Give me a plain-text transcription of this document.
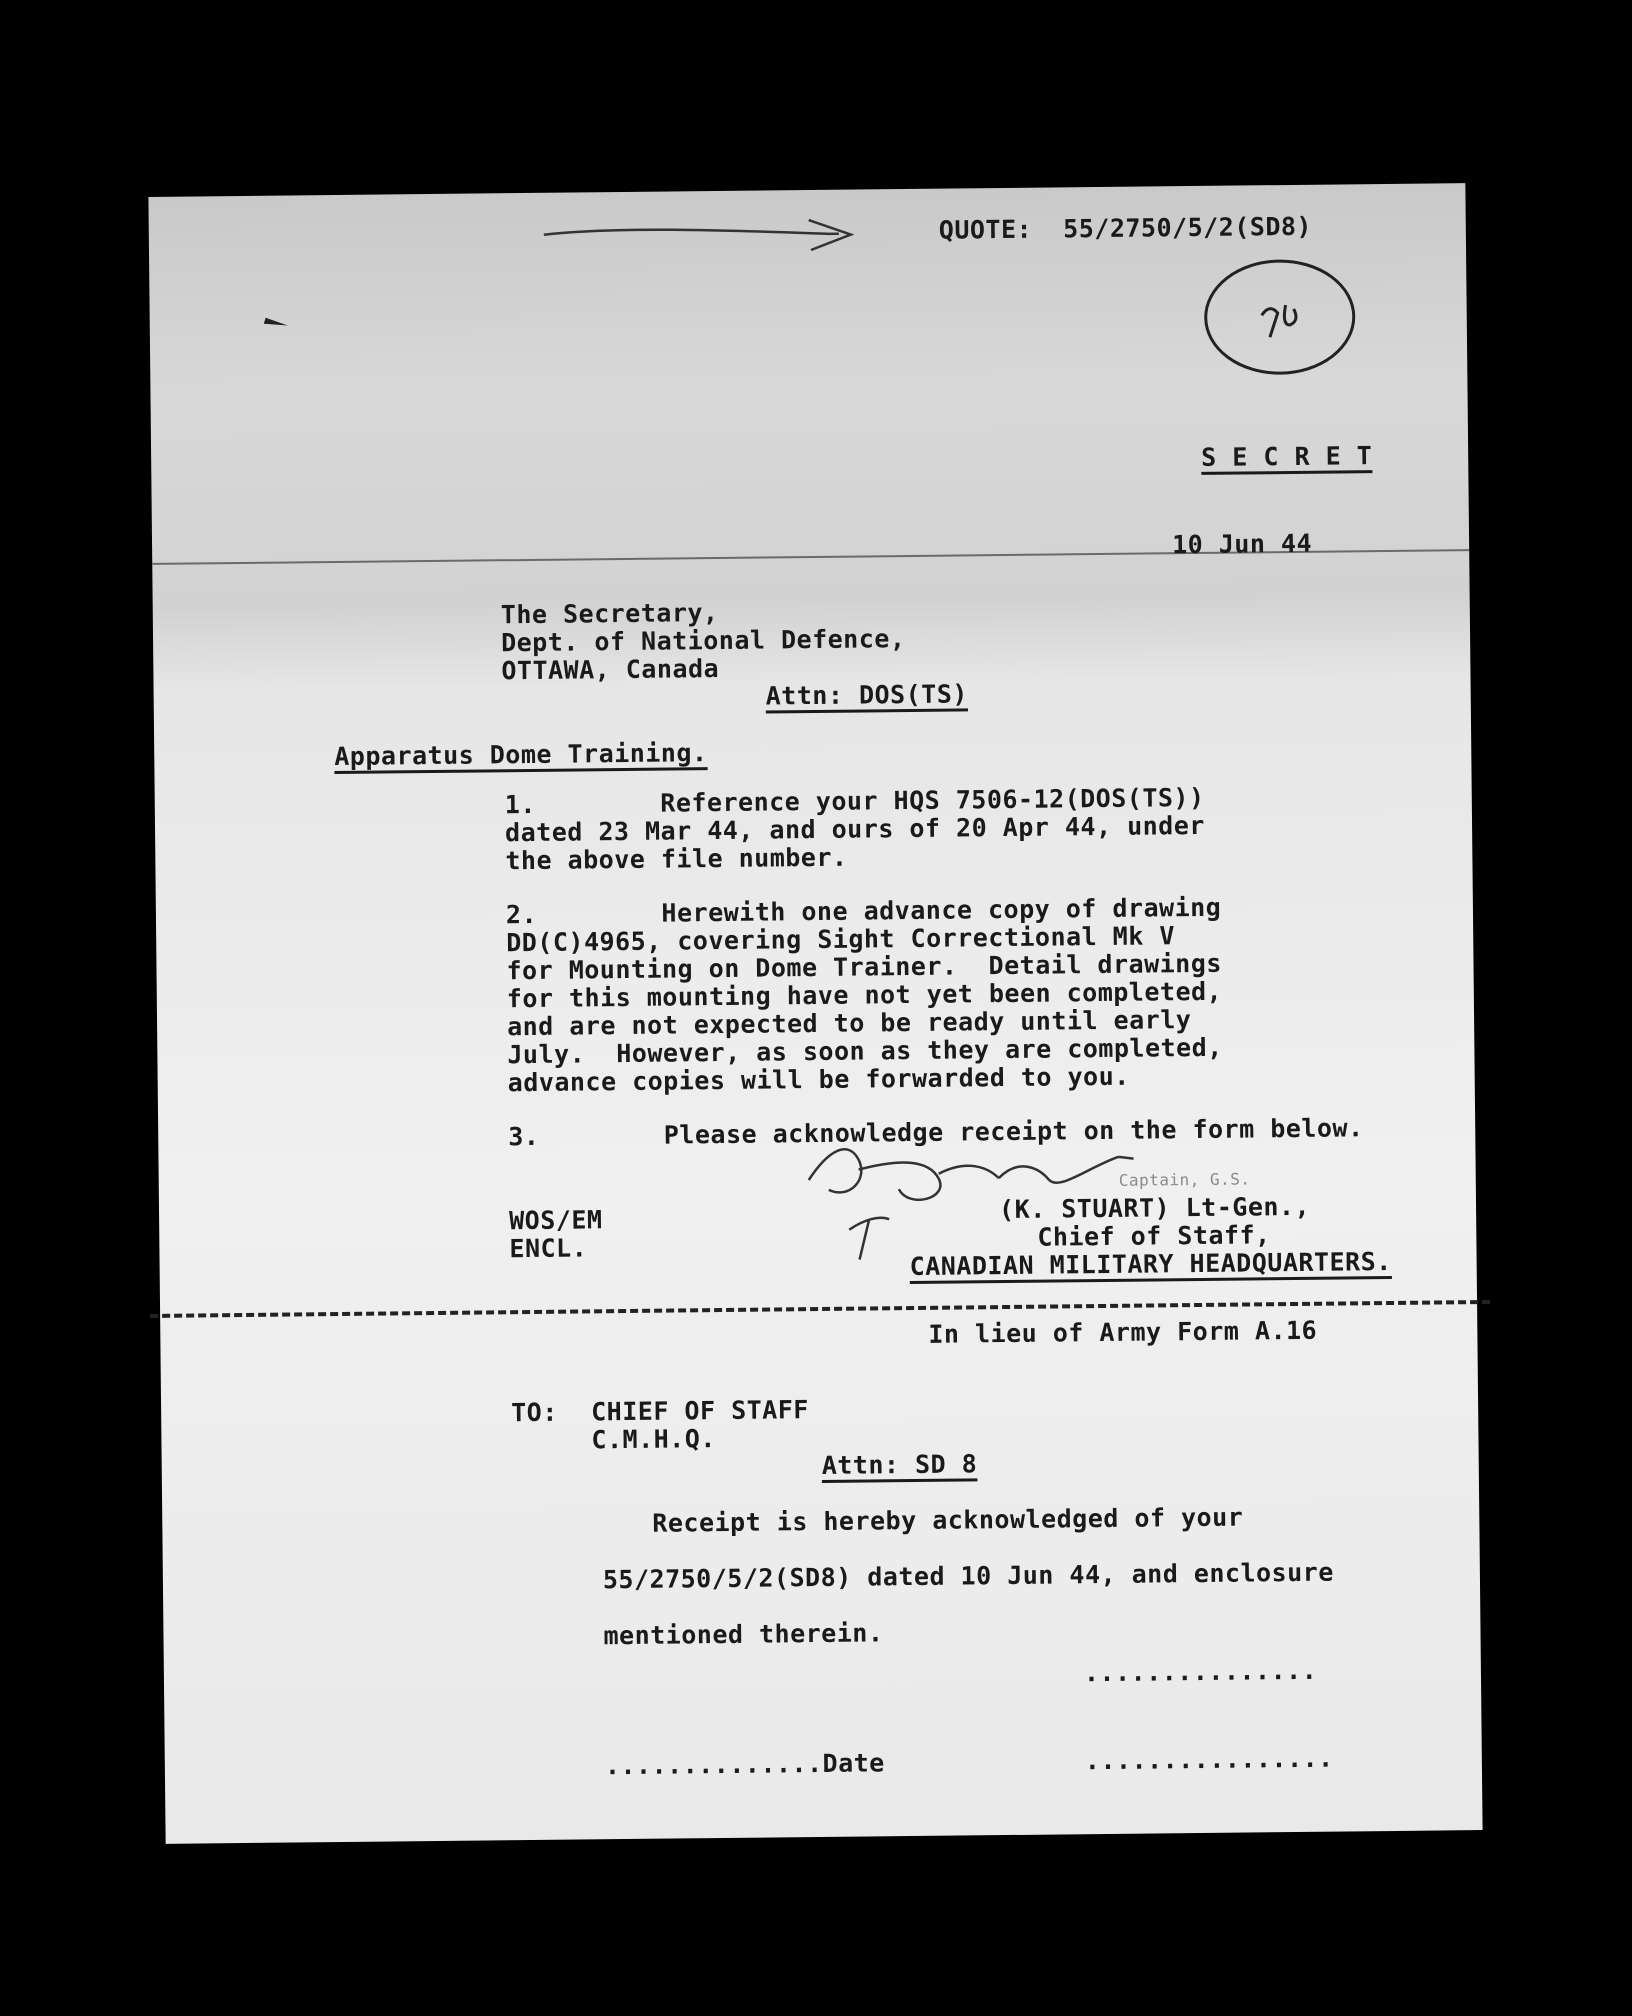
QUOTE:  55/2750/5/2(SD8)
S E C R E T
10 Jun 44
The Secretary,
Dept. of National Defence,
OTTAWA, Canada
Attn: DOS(TS)
Apparatus Dome Training.
1.        Reference your HQS 7506-12(DOS(TS))
dated 23 Mar 44, and ours of 20 Apr 44, under
the above file number.
2.        Herewith one advance copy of drawing
DD(C)4965, covering Sight Correctional Mk V
for Mounting on Dome Trainer.  Detail drawings
for this mounting have not yet been completed,
and are not expected to be ready until early
July.  However, as soon as they are completed,
advance copies will be forwarded to you.
3.        Please acknowledge receipt on the form below.
Captain, G.S.
(K. STUART) Lt-Gen.,
Chief of Staff,
CANADIAN MILITARY HEADQUARTERS.
WOS/EM
ENCL.
In lieu of Army Form A.16
TO: CHIEF OF STAFF
C.M.H.Q.
Attn: SD 8
Receipt is hereby acknowledged of your
55/2750/5/2(SD8) dated 10 Jun 44, and enclosure
mentioned therein.
...............
..............Date	................
